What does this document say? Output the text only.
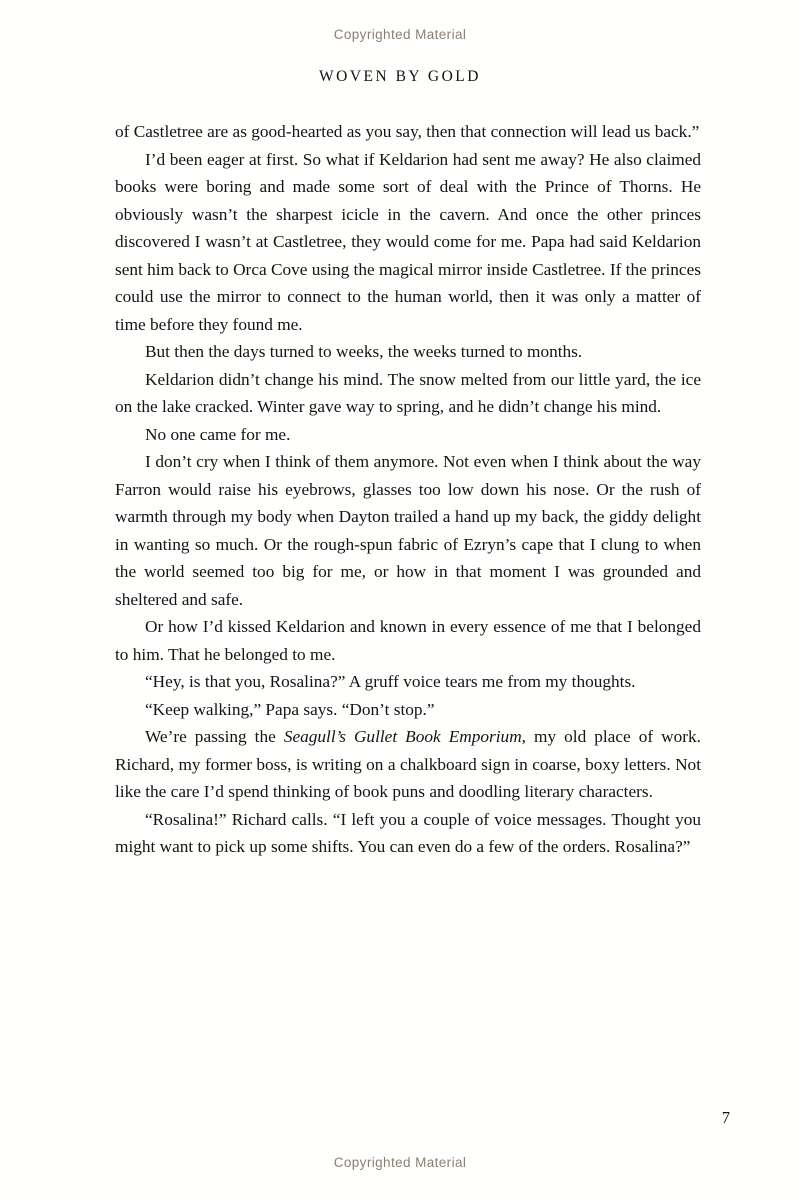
Copyrighted Material
WOVEN BY GOLD

of Castletree are as good-hearted as you say, then that connection will lead us back.”

I’d been eager at first. So what if Keldarion had sent me away? He also claimed books were boring and made some sort of deal with the Prince of Thorns. He obviously wasn’t the sharpest icicle in the cavern. And once the other princes discovered I wasn’t at Castletree, they would come for me. Papa had said Keldarion sent him back to Orca Cove using the magical mirror inside Castletree. If the princes could use the mirror to connect to the human world, then it was only a matter of time before they found me.

But then the days turned to weeks, the weeks turned to months.

Keldarion didn’t change his mind. The snow melted from our little yard, the ice on the lake cracked. Winter gave way to spring, and he didn’t change his mind.

No one came for me.

I don’t cry when I think of them anymore. Not even when I think about the way Farron would raise his eyebrows, glasses too low down his nose. Or the rush of warmth through my body when Dayton trailed a hand up my back, the giddy delight in wanting so much. Or the rough-spun fabric of Ezryn’s cape that I clung to when the world seemed too big for me, or how in that moment I was grounded and sheltered and safe.

Or how I’d kissed Keldarion and known in every essence of me that I belonged to him. That he belonged to me.

“Hey, is that you, Rosalina?” A gruff voice tears me from my thoughts.

“Keep walking,” Papa says. “Don’t stop.”

We’re passing the Seagull’s Gullet Book Emporium, my old place of work. Richard, my former boss, is writing on a chalkboard sign in coarse, boxy letters. Not like the care I’d spend thinking of book puns and doodling literary characters.

“Rosalina!” Richard calls. “I left you a couple of voice messages. Thought you might want to pick up some shifts. You can even do a few of the orders. Rosalina?”

7
Copyrighted Material
